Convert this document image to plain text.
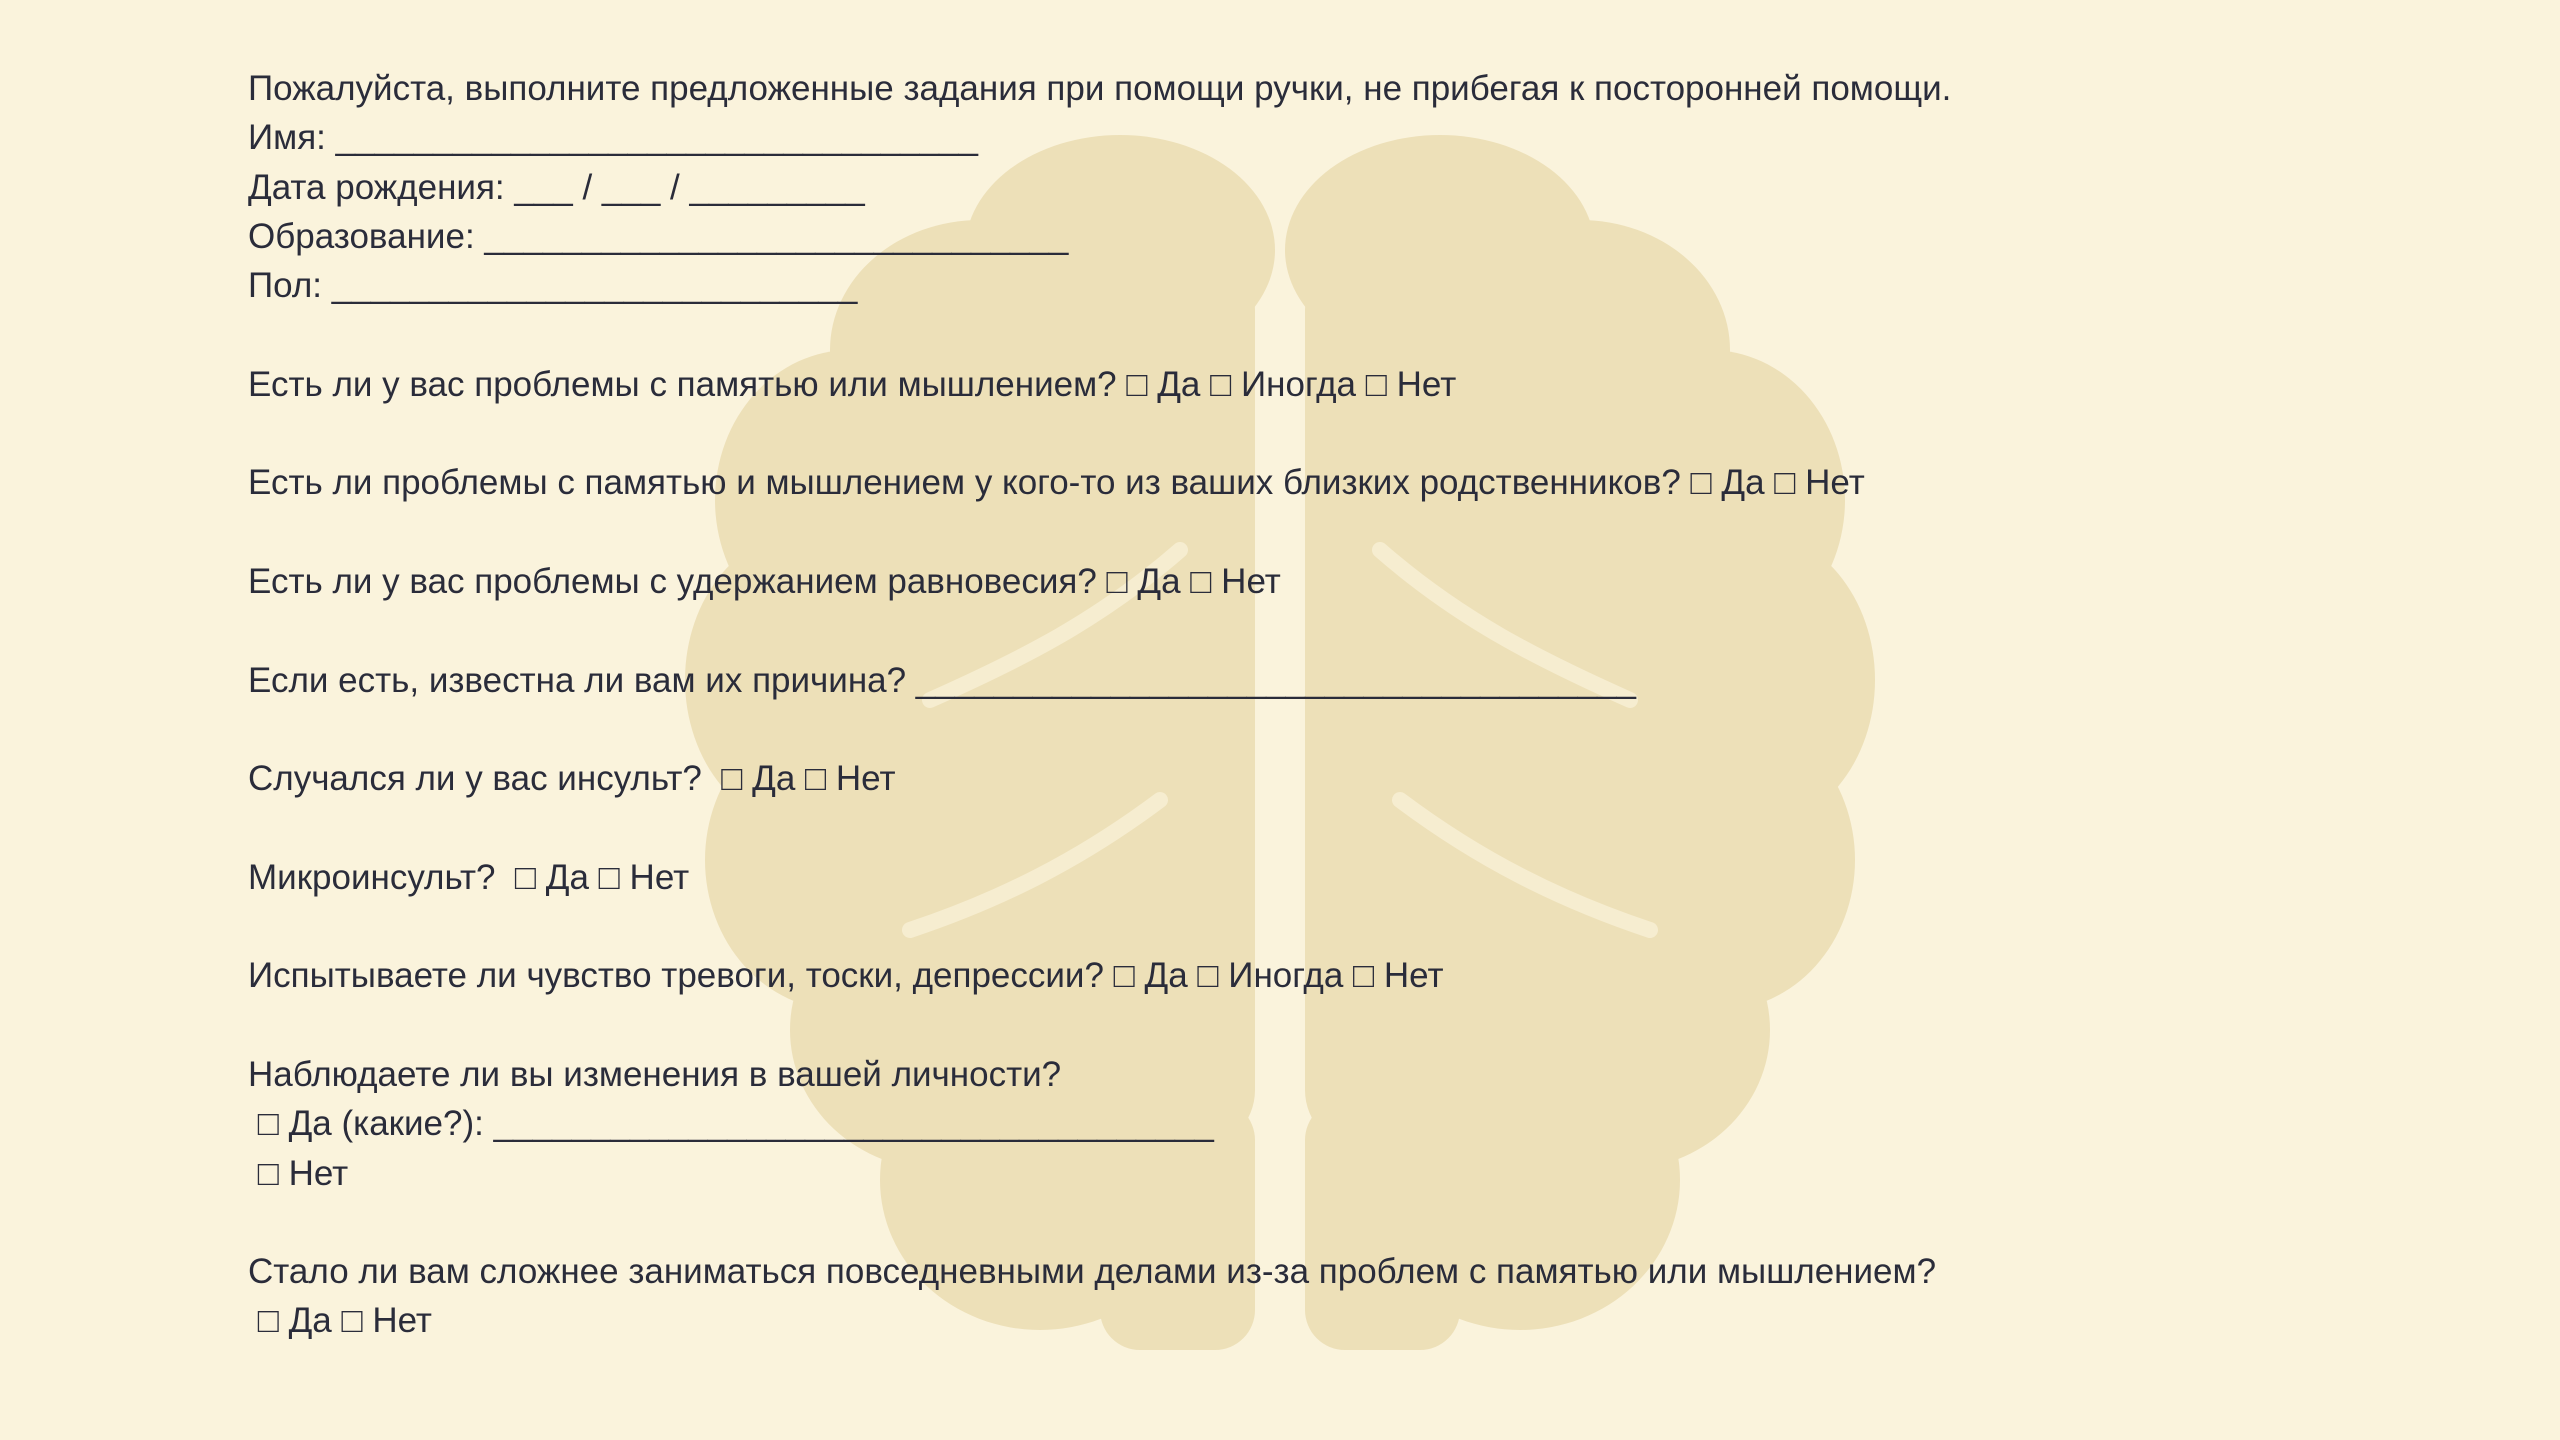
Пожалуйста, выполните предложенные задания при помощи ручки, не прибегая к посторонней помощи.
Имя: _________________________________
Дата рождения: ___ / ___ / _________
Образование: ______________________________
Пол: ___________________________
Есть ли у вас проблемы с памятью или мышлением? □ Да □ Иногда □ Нет
Есть ли проблемы с памятью и мышлением у кого-то из ваших близких родственников? □ Да □ Нет
Есть ли у вас проблемы с удержанием равновесия? □ Да □ Нет
Если есть, известна ли вам их причина? _____________________________________
Случался ли у вас инсульт?  □ Да □ Нет
Микроинсульт?  □ Да □ Нет
Испытываете ли чувство тревоги, тоски, депрессии? □ Да □ Иногда □ Нет
Наблюдаете ли вы изменения в вашей личности?
□ Да (какие?): _____________________________________
□ Нет
Стало ли вам сложнее заниматься повседневными делами из-за проблем с памятью или мышлением?
□ Да □ Нет
